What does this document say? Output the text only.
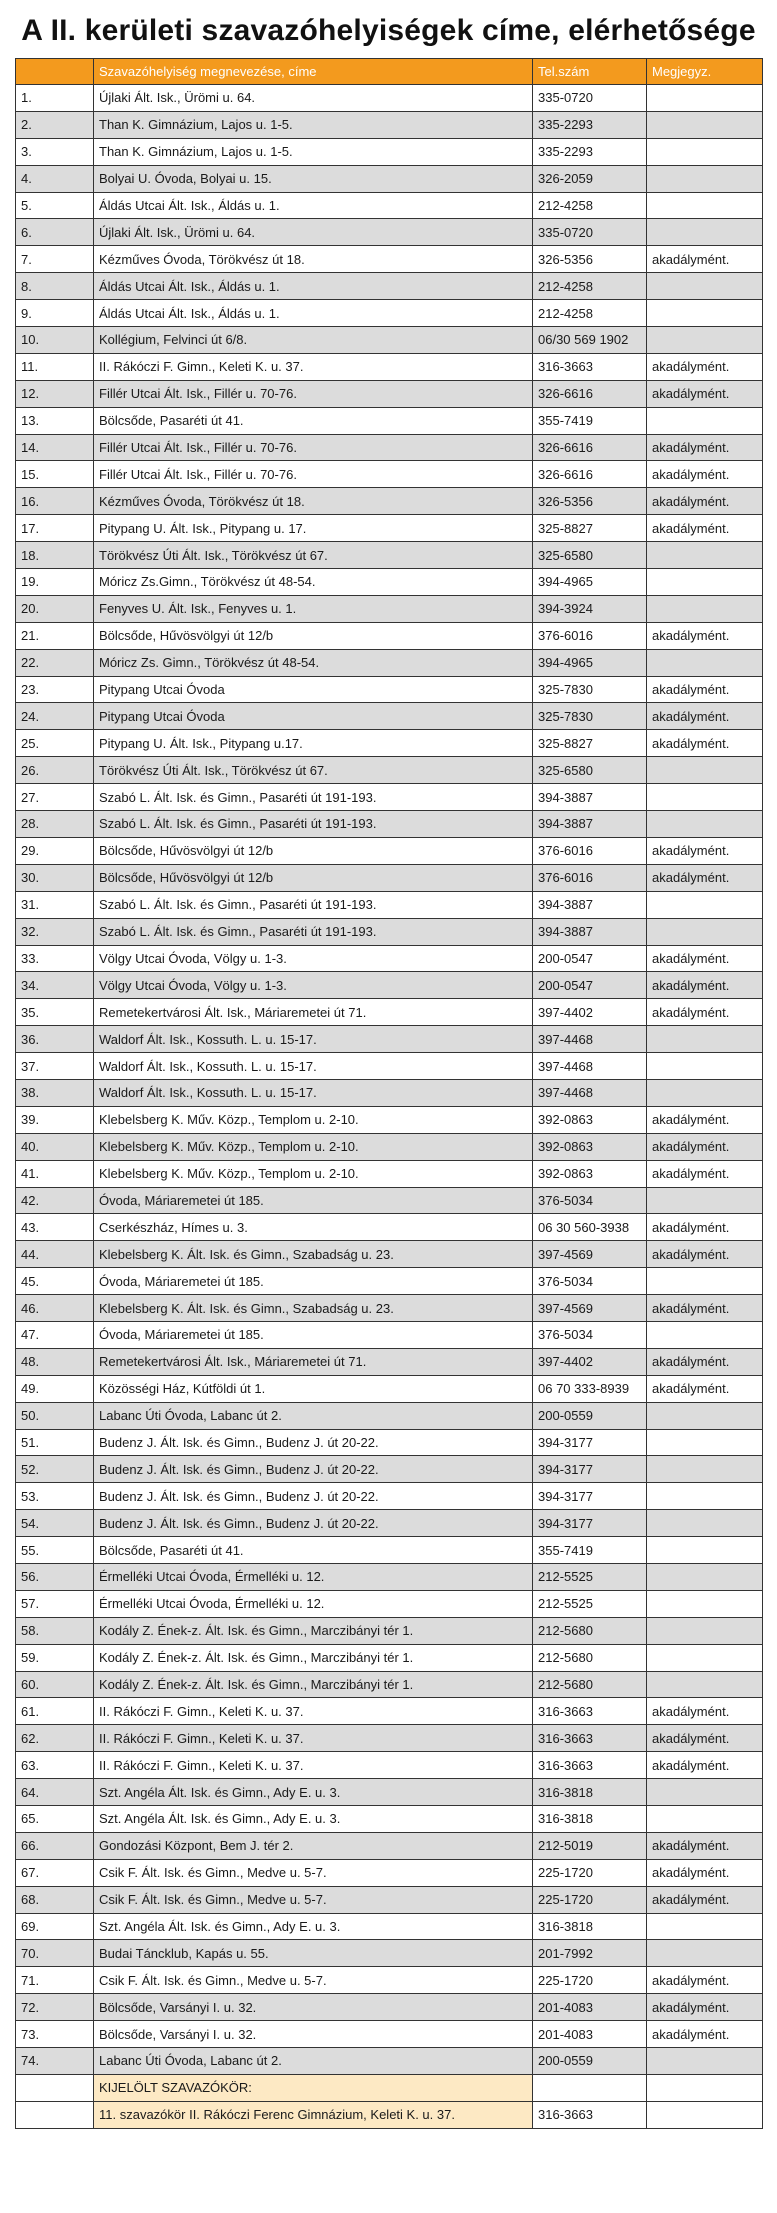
A II. kerületi szavazóhelyiségek címe, elérhetősége
	Szavazóhelyiség megnevezése, címe	Tel.szám	Megjegyz.
1.	Újlaki Ált. Isk., Ürömi u. 64.	335-0720	
2.	Than K. Gimnázium, Lajos u. 1-5.	335-2293	
3.	Than K. Gimnázium, Lajos u. 1-5.	335-2293	
4.	Bolyai U. Óvoda, Bolyai u. 15.	326-2059	
5.	Áldás Utcai Ált. Isk., Áldás u. 1.	212-4258	
6.	Újlaki Ált. Isk., Ürömi u. 64.	335-0720	
7.	Kézműves Óvoda, Törökvész út 18.	326-5356	akadálymént.
8.	Áldás Utcai Ált. Isk., Áldás u. 1.	212-4258	
9.	Áldás Utcai Ált. Isk., Áldás u. 1.	212-4258	
10.	Kollégium, Felvinci út 6/8.	06/30 569 1902	
11.	II. Rákóczi F. Gimn., Keleti K. u. 37.	316-3663	akadálymént.
12.	Fillér Utcai Ált. Isk., Fillér u. 70-76.	326-6616	akadálymént.
13.	Bölcsőde, Pasaréti út 41.	355-7419	
14.	Fillér Utcai Ált. Isk., Fillér u. 70-76.	326-6616	akadálymént.
15.	Fillér Utcai Ált. Isk., Fillér u. 70-76.	326-6616	akadálymént.
16.	Kézműves Óvoda, Törökvész út 18.	326-5356	akadálymént.
17.	Pitypang U. Ált. Isk., Pitypang u. 17.	325-8827	akadálymént.
18.	Törökvész Úti Ált. Isk., Törökvész út 67.	325-6580	
19.	Móricz Zs.Gimn., Törökvész út 48-54.	394-4965	
20.	Fenyves U. Ált. Isk., Fenyves u. 1.	394-3924	
21.	Bölcsőde, Hűvösvölgyi út 12/b	376-6016	akadálymént.
22.	Móricz Zs. Gimn., Törökvész út 48-54.	394-4965	
23.	Pitypang Utcai Óvoda	325-7830	akadálymént.
24.	Pitypang Utcai Óvoda	325-7830	akadálymént.
25.	Pitypang U. Ált. Isk., Pitypang u.17.	325-8827	akadálymént.
26.	Törökvész Úti Ált. Isk., Törökvész út 67.	325-6580	
27.	Szabó L. Ált. Isk. és Gimn., Pasaréti út 191-193.	394-3887	
28.	Szabó L. Ált. Isk. és Gimn., Pasaréti út 191-193.	394-3887	
29.	Bölcsőde, Hűvösvölgyi út 12/b	376-6016	akadálymént.
30.	Bölcsőde, Hűvösvölgyi út 12/b	376-6016	akadálymént.
31.	Szabó L. Ált. Isk. és Gimn., Pasaréti út 191-193.	394-3887	
32.	Szabó L. Ált. Isk. és Gimn., Pasaréti út 191-193.	394-3887	
33.	Völgy Utcai Óvoda, Völgy u. 1-3.	200-0547	akadálymént.
34.	Völgy Utcai Óvoda, Völgy u. 1-3.	200-0547	akadálymént.
35.	Remetekertvárosi Ált. Isk., Máriaremetei út 71.	397-4402	akadálymént.
36.	Waldorf Ált. Isk., Kossuth. L. u. 15-17.	397-4468	
37.	Waldorf Ált. Isk., Kossuth. L. u. 15-17.	397-4468	
38.	Waldorf Ált. Isk., Kossuth. L. u. 15-17.	397-4468	
39.	Klebelsberg K. Műv. Közp., Templom u. 2-10.	392-0863	akadálymént.
40.	Klebelsberg K. Műv. Közp., Templom u. 2-10.	392-0863	akadálymént.
41.	Klebelsberg K. Műv. Közp., Templom u. 2-10.	392-0863	akadálymént.
42.	Óvoda, Máriaremetei út 185.	376-5034	
43.	Cserkészház, Hímes u. 3.	06 30 560-3938	akadálymént.
44.	Klebelsberg K. Ált. Isk. és Gimn., Szabadság u. 23.	397-4569	akadálymént.
45.	Óvoda, Máriaremetei út 185.	376-5034	
46.	Klebelsberg K. Ált. Isk. és Gimn., Szabadság u. 23.	397-4569	akadálymént.
47.	Óvoda, Máriaremetei út 185.	376-5034	
48.	Remetekertvárosi Ált. Isk., Máriaremetei út 71.	397-4402	akadálymént.
49.	Közösségi Ház, Kútföldi út 1.	06 70 333-8939	akadálymént.
50.	Labanc Úti Óvoda, Labanc út 2.	200-0559	
51.	Budenz J. Ált. Isk. és Gimn., Budenz J. út 20-22.	394-3177	
52.	Budenz J. Ált. Isk. és Gimn., Budenz J. út 20-22.	394-3177	
53.	Budenz J. Ált. Isk. és Gimn., Budenz J. út 20-22.	394-3177	
54.	Budenz J. Ált. Isk. és Gimn., Budenz J. út 20-22.	394-3177	
55.	Bölcsőde, Pasaréti út 41.	355-7419	
56.	Érmelléki Utcai Óvoda, Érmelléki u. 12.	212-5525	
57.	Érmelléki Utcai Óvoda, Érmelléki u. 12.	212-5525	
58.	Kodály Z. Ének-z. Ált. Isk. és Gimn., Marczibányi tér 1.	212-5680	
59.	Kodály Z. Ének-z. Ált. Isk. és Gimn., Marczibányi tér 1.	212-5680	
60.	Kodály Z. Ének-z. Ált. Isk. és Gimn., Marczibányi tér 1.	212-5680	
61.	II. Rákóczi F. Gimn., Keleti K. u. 37.	316-3663	akadálymént.
62.	II. Rákóczi F. Gimn., Keleti K. u. 37.	316-3663	akadálymént.
63.	II. Rákóczi F. Gimn., Keleti K. u. 37.	316-3663	akadálymént.
64.	Szt. Angéla Ált. Isk. és Gimn., Ady E. u. 3.	316-3818	
65.	Szt. Angéla Ált. Isk. és Gimn., Ady E. u. 3.	316-3818	
66.	Gondozási Központ, Bem J. tér 2.	212-5019	akadálymént.
67.	Csik F. Ált. Isk. és Gimn., Medve u. 5-7.	225-1720	akadálymént.
68.	Csik F. Ált. Isk. és Gimn., Medve u. 5-7.	225-1720	akadálymént.
69.	Szt. Angéla Ált. Isk. és Gimn., Ady E. u. 3.	316-3818	
70.	Budai Táncklub, Kapás u. 55.	201-7992	
71.	Csik F. Ált. Isk. és Gimn., Medve u. 5-7.	225-1720	akadálymént.
72.	Bölcsőde, Varsányi I. u. 32.	201-4083	akadálymént.
73.	Bölcsőde, Varsányi I. u. 32.	201-4083	akadálymént.
74.	Labanc Úti Óvoda, Labanc út 2.	200-0559	
	KIJELÖLT SZAVAZÓKÖR:		
	11. szavazókör II. Rákóczi Ferenc Gimnázium, Keleti K. u. 37.	316-3663	
